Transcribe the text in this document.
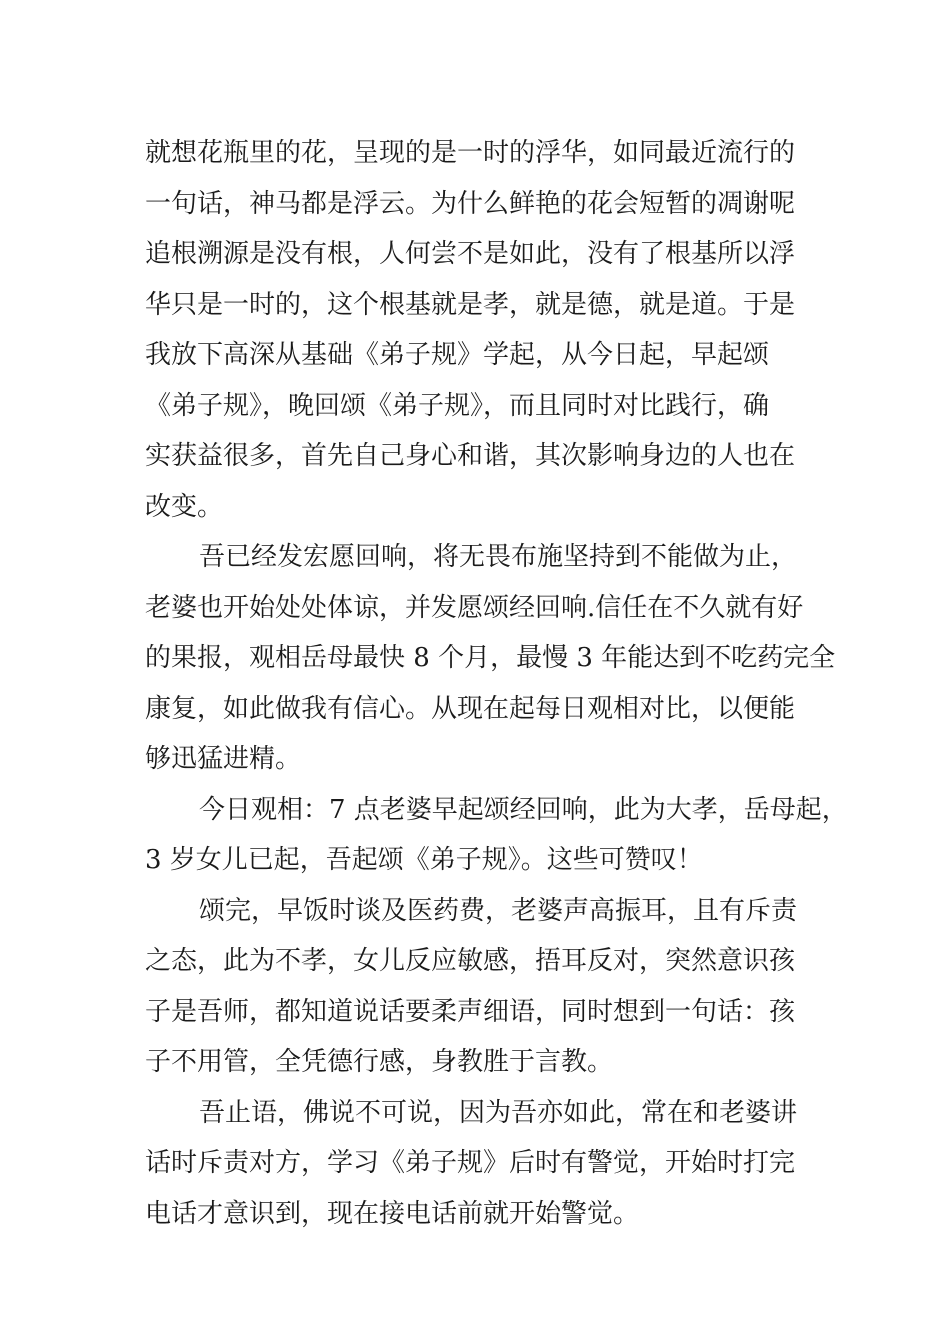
就想花瓶里的花，呈现的是一时的浮华，如同最近流行的
一句话，神马都是浮云。为什么鲜艳的花会短暂的凋谢呢
追根溯源是没有根，人何尝不是如此，没有了根基所以浮
华只是一时的，这个根基就是孝，就是德，就是道。于是
我放下高深从基础《弟子规》学起，从今日起，早起颂
《弟子规》，晚回颂《弟子规》，而且同时对比践行，确
实获益很多，首先自己身心和谐，其次影响身边的人也在
改变。
吾已经发宏愿回响，将无畏布施坚持到不能做为止，
老婆也开始处处体谅，并发愿颂经回响.信任在不久就有好
的果报，观相岳母最快 8 个月，最慢 3 年能达到不吃药完全
康复，如此做我有信心。从现在起每日观相对比，以便能
够迅猛进精。
今日观相：7 点老婆早起颂经回响，此为大孝，岳母起，
3 岁女儿已起，吾起颂《弟子规》。这些可赞叹！
颂完，早饭时谈及医药费，老婆声高振耳，且有斥责
之态，此为不孝，女儿反应敏感，捂耳反对，突然意识孩
子是吾师，都知道说话要柔声细语，同时想到一句话：孩
子不用管，全凭德行感，身教胜于言教。
吾止语，佛说不可说，因为吾亦如此，常在和老婆讲
话时斥责对方，学习《弟子规》后时有警觉，开始时打完
电话才意识到，现在接电话前就开始警觉。
